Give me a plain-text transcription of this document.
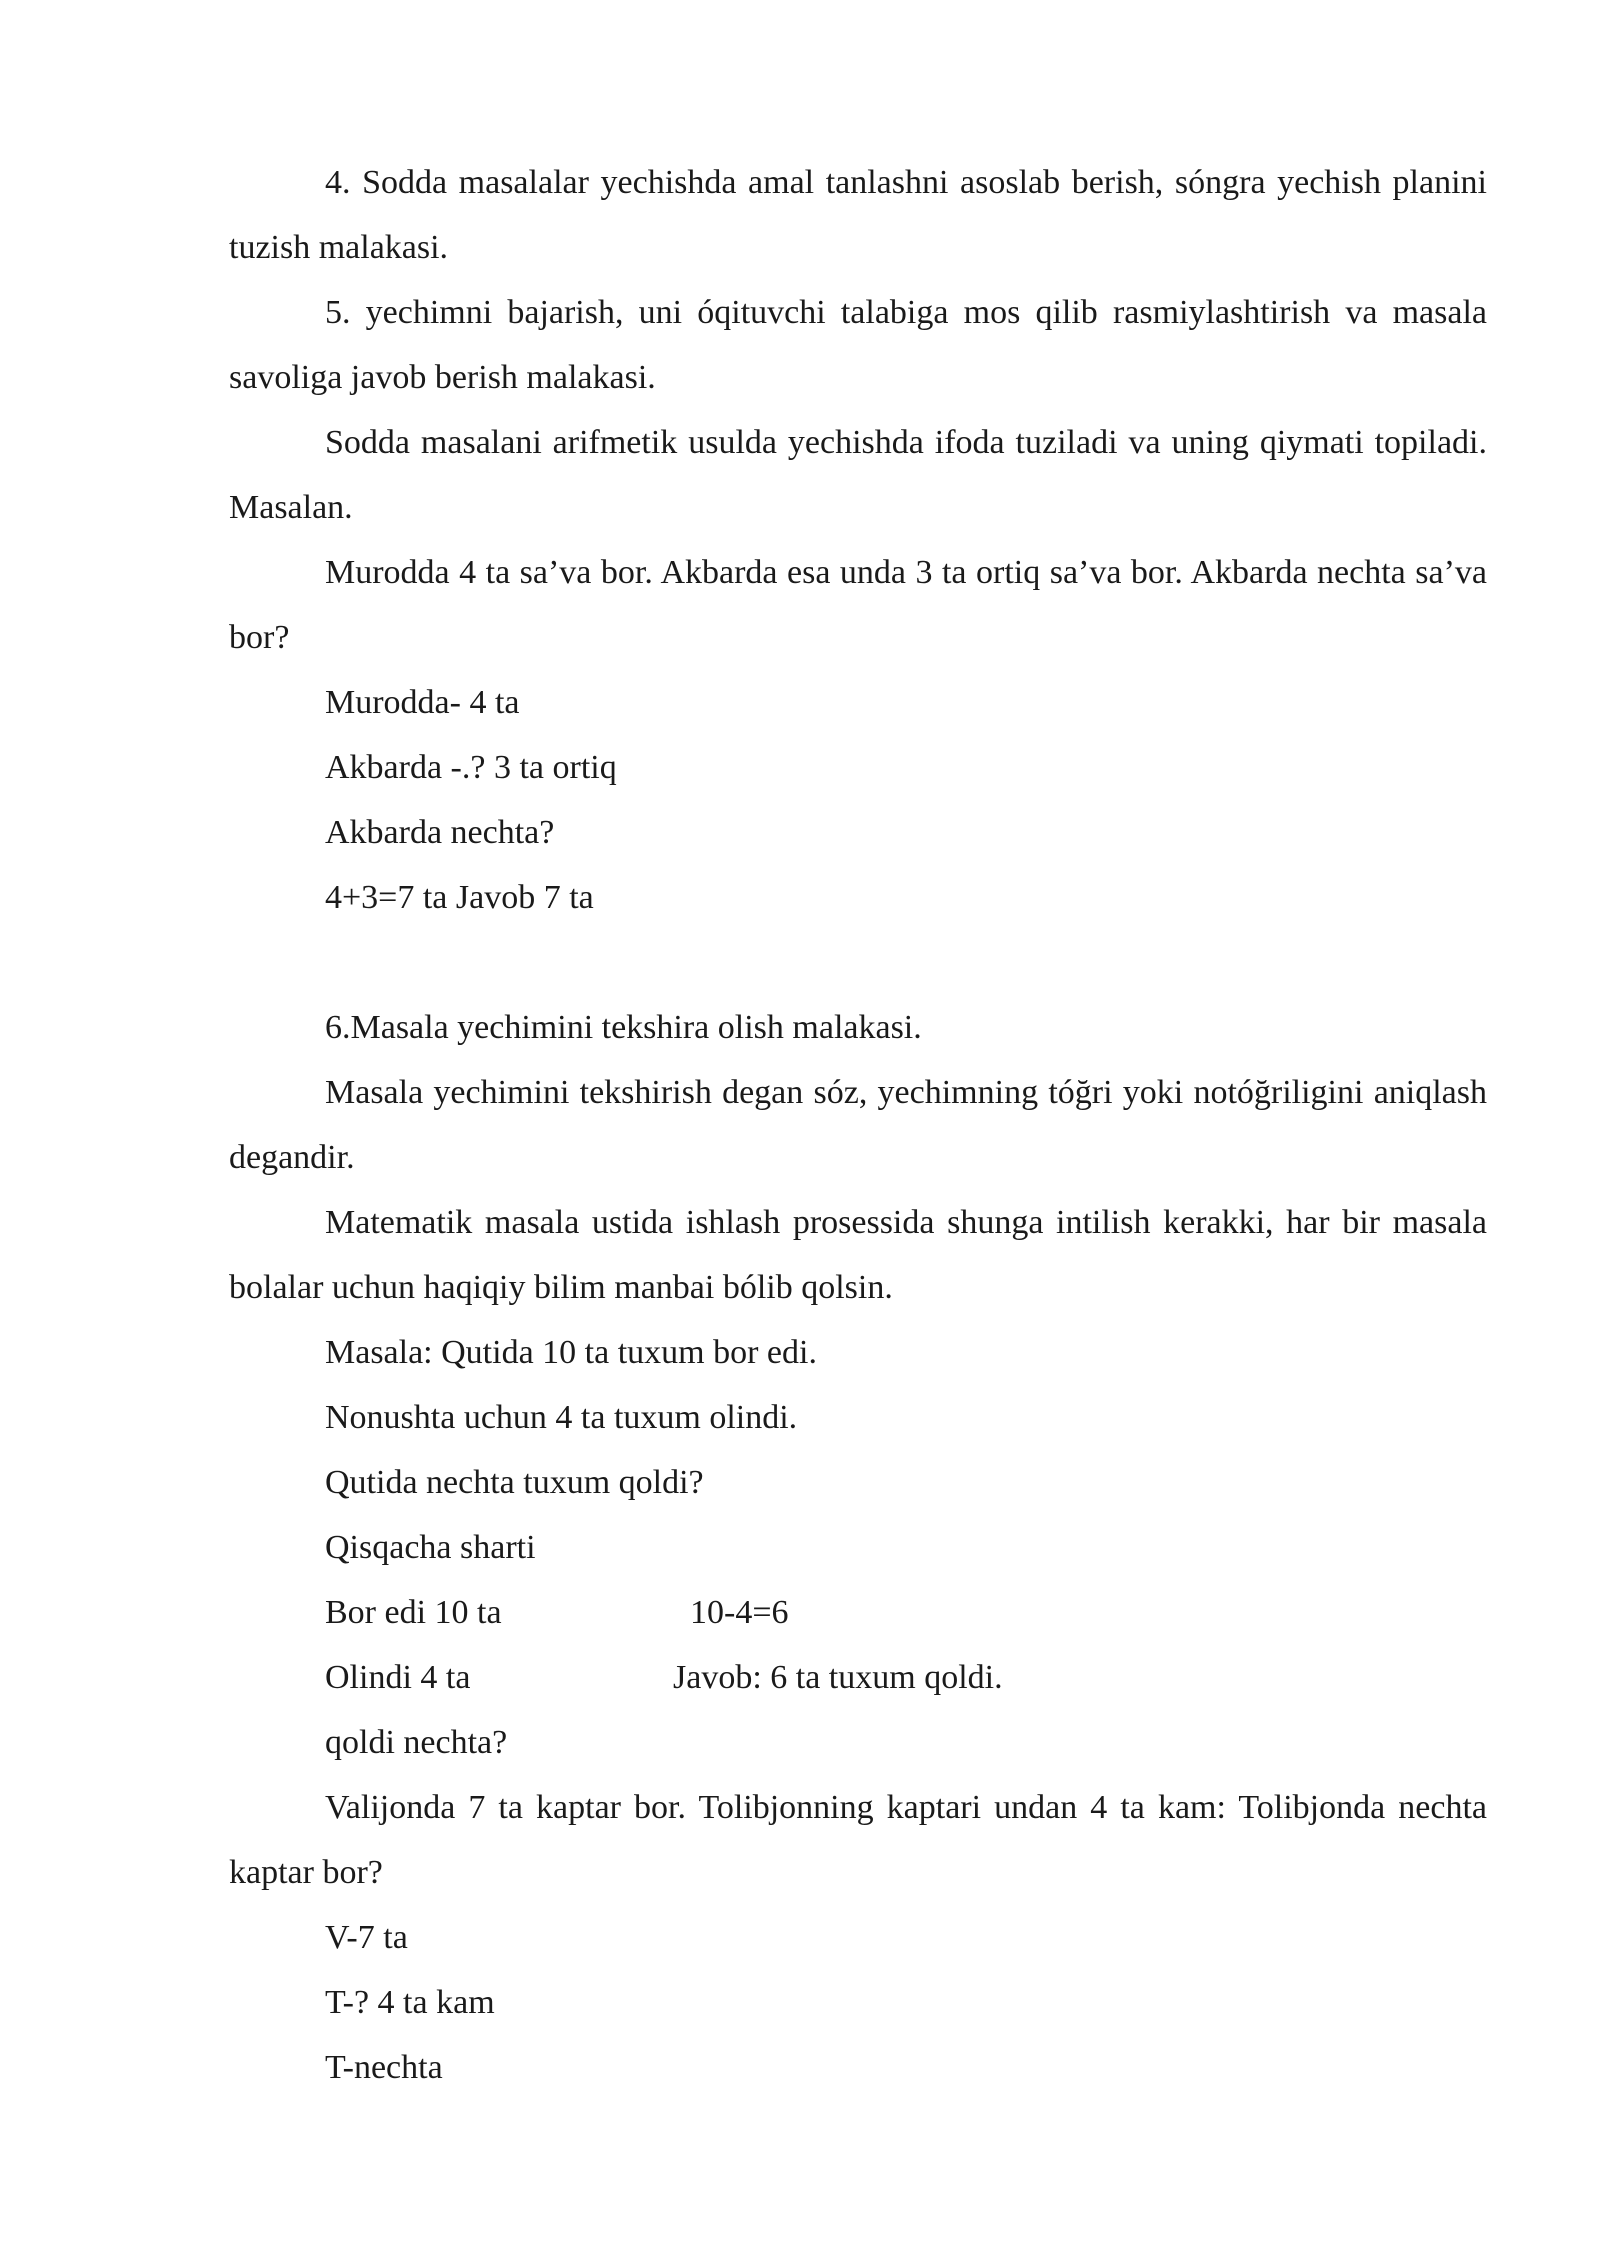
4. Sodda masalalar yechishda amal tanlashni asoslab berish, sóngra yechish planini tuzish malakasi.

5. yechimni bajarish, uni óqituvchi talabiga mos qilib rasmiylashtirish va masala savoliga javob berish malakasi.

Sodda masalani arifmetik usulda yechishda ifoda tuziladi va uning qiymati topiladi. Masalan.

Murodda 4 ta sa’va bor. Akbarda esa unda 3 ta ortiq sa’va bor. Akbarda nechta sa’va bor?

Murodda- 4 ta
Akbarda -.? 3 ta ortiq
Akbarda nechta?
4+3=7 ta Javob 7 ta
6.Masala yechimini tekshira olish malakasi.

Masala yechimini tekshirish degan sóz, yechimning tóğri yoki notóğriligini aniqlash degandir.

Matematik masala ustida ishlash prosessida shunga intilish kerakki, har bir masala bolalar uchun haqiqiy bilim manbai bólib qolsin.

Masala: Qutida 10 ta tuxum bor edi.
Nonushta uchun 4 ta tuxum olindi.
Qutida nechta tuxum qoldi?
Qisqacha sharti
Bor edi 10 ta	10-4=6
Olindi 4 ta	Javob: 6 ta tuxum qoldi.
qoldi nechta?

Valijonda 7 ta kaptar bor. Tolibjonning kaptari undan 4 ta kam: Tolibjonda nechta kaptar bor?

V-7 ta
T-? 4 ta kam
T-nechta
